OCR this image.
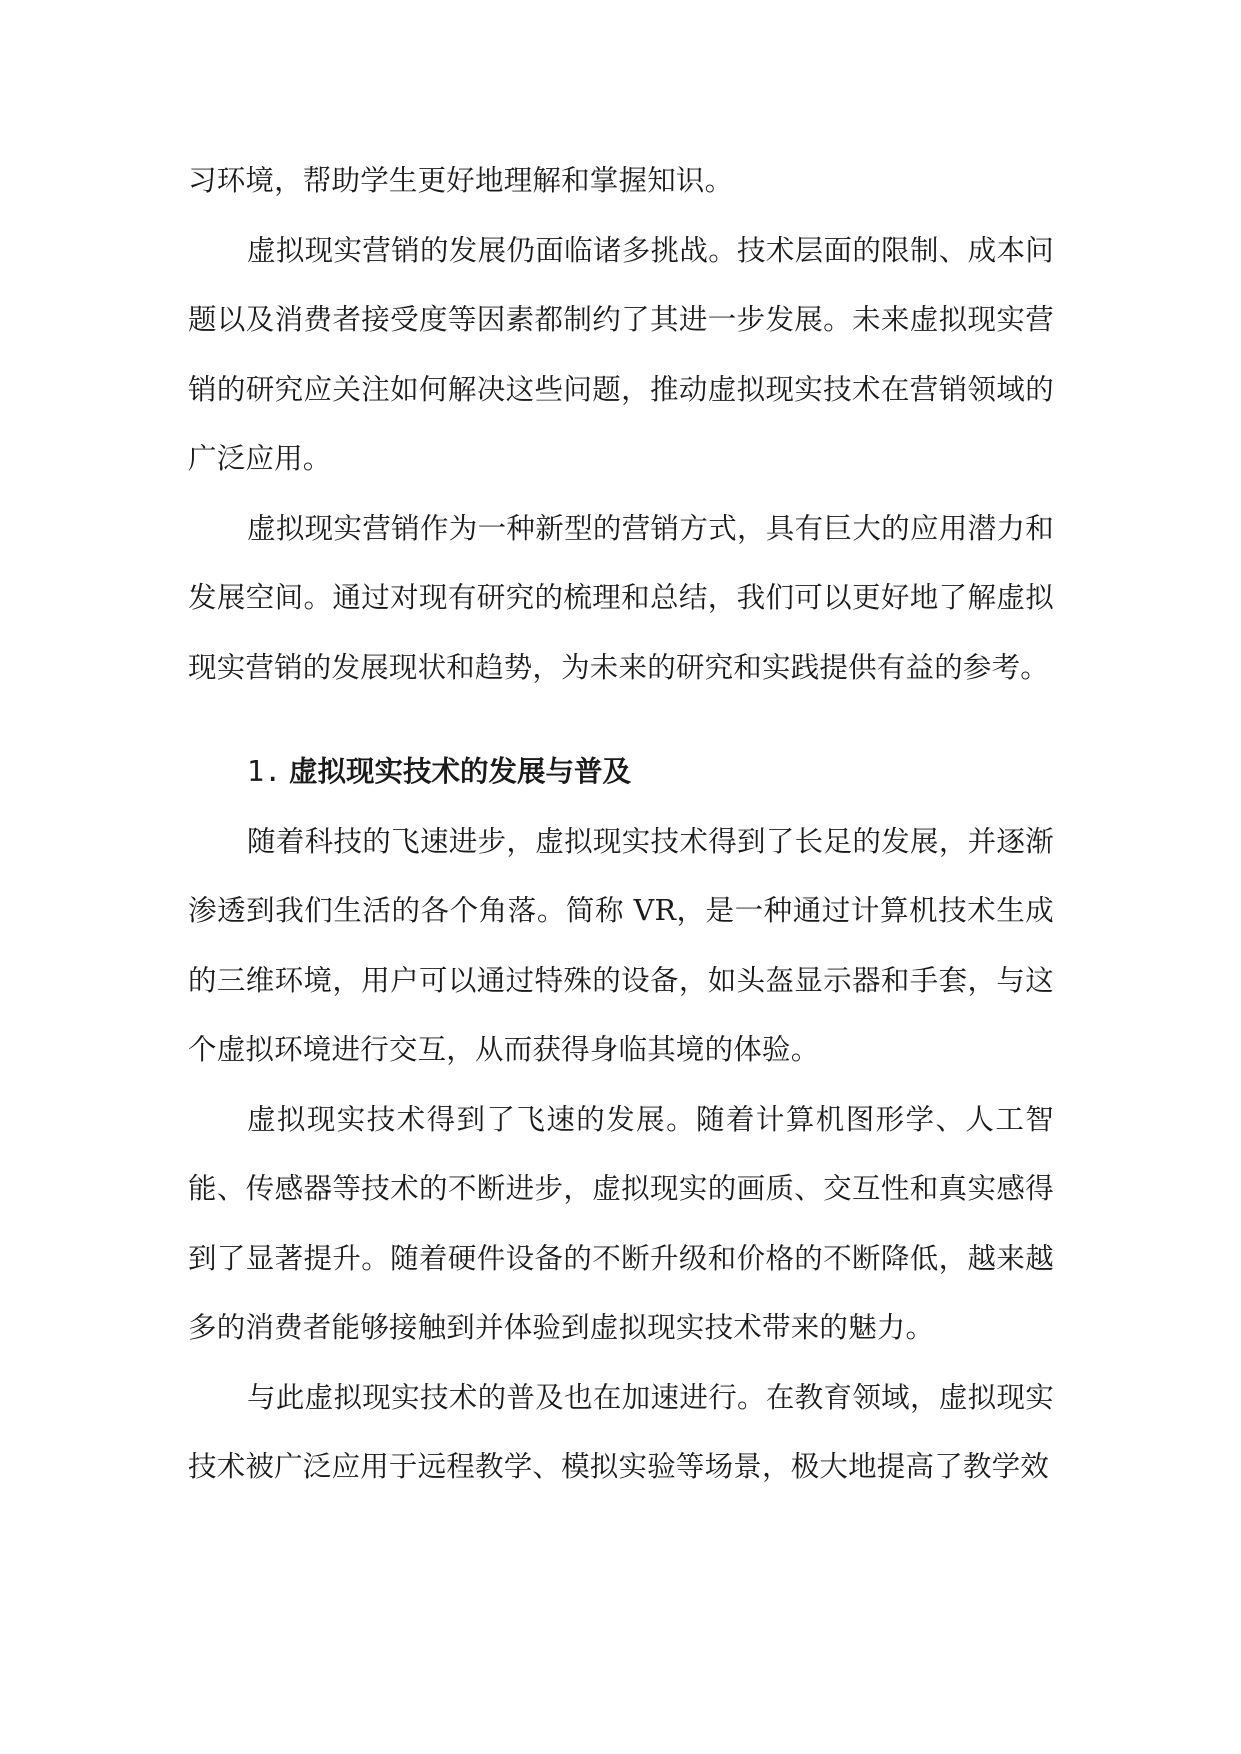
习环境，帮助学生更好地理解和掌握知识。

虚拟现实营销的发展仍面临诸多挑战。技术层面的限制、成本问题以及消费者接受度等因素都制约了其进一步发展。未来虚拟现实营销的研究应关注如何解决这些问题，推动虚拟现实技术在营销领域的广泛应用。

虚拟现实营销作为一种新型的营销方式，具有巨大的应用潜力和发展空间。通过对现有研究的梳理和总结，我们可以更好地了解虚拟现实营销的发展现状和趋势，为未来的研究和实践提供有益的参考。

1. 虚拟现实技术的发展与普及

随着科技的飞速进步，虚拟现实技术得到了长足的发展，并逐渐渗透到我们生活的各个角落。简称 VR，是一种通过计算机技术生成的三维环境，用户可以通过特殊的设备，如头盔显示器和手套，与这个虚拟环境进行交互，从而获得身临其境的体验。

虚拟现实技术得到了飞速的发展。随着计算机图形学、人工智能、传感器等技术的不断进步，虚拟现实的画质、交互性和真实感得到了显著提升。随着硬件设备的不断升级和价格的不断降低，越来越多的消费者能够接触到并体验到虚拟现实技术带来的魅力。

与此虚拟现实技术的普及也在加速进行。在教育领域，虚拟现实技术被广泛应用于远程教学、模拟实验等场景，极大地提高了教学效
